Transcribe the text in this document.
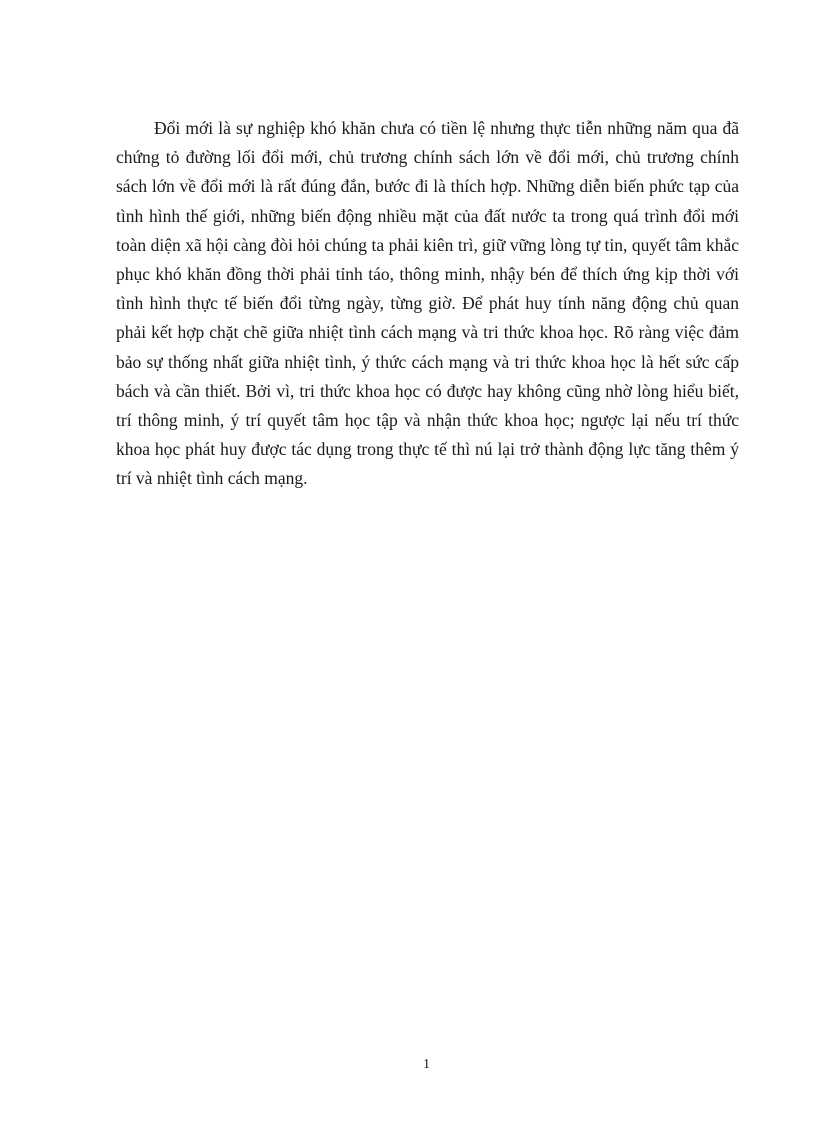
Đổi mới là sự nghiệp khó khăn chưa có tiền lệ nhưng thực tiễn những năm qua đã chứng tỏ đường lối đổi mới, chủ trương chính sách lớn về đổi mới, chủ trương chính sách lớn về đổi mới là rất đúng đắn, bước đi là thích hợp. Những diễn biến phức tạp của tình hình thế giới, những biến động nhiều mặt của đất nước ta trong quá trình đổi mới toàn diện xã hội càng đòi hỏi chúng ta phải kiên trì, giữ vững lòng tự tin, quyết tâm khắc phục khó khăn đồng thời phải tỉnh táo, thông minh, nhậy bén để thích ứng kịp thời với tình hình thực tế biến đổi từng ngày, từng giờ. Để phát huy tính năng động chủ quan phải kết hợp chặt chẽ giữa nhiệt tình cách mạng và tri thức khoa học. Rõ ràng việc đảm bảo sự thống nhất giữa nhiệt tình, ý thức cách mạng và tri thức khoa học là hết sức cấp bách và cần thiết. Bởi vì, tri thức khoa học có được hay không cũng nhờ lòng hiểu biết, trí thông minh, ý trí quyết tâm học tập và nhận thức khoa học; ngược lại nếu trí thức khoa học phát huy được tác dụng trong thực tế thì nú lại trở thành động lực tăng thêm ý trí và nhiệt tình cách mạng.

1
